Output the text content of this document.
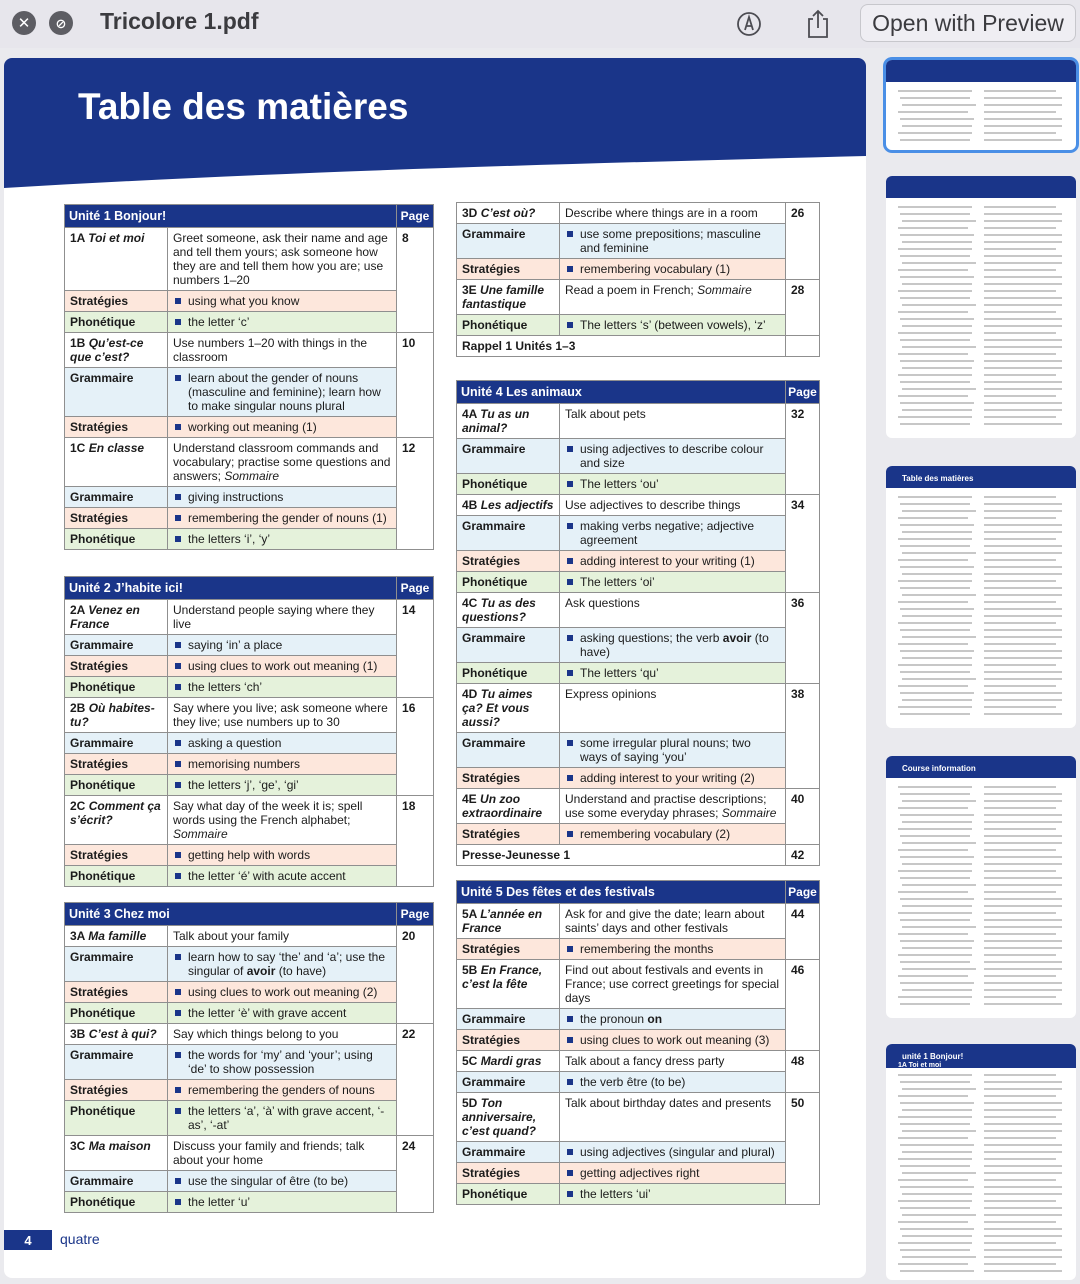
✕	⊘ Tricolore 1.pdf	Open with Preview
Table des matières
Unité 1 Bonjour!		Page
1A Toi et moi	Greet someone, ask their name and age and tell them yours; ask someone how they are and tell them how you are; use numbers 1–20	8
Stratégies	using what you know	

Phonétique	the letter ‘c’	

1B Qu’est-ce que c’est?	Use numbers 1–20 with things in the classroom	10
Grammaire	learn about the gender of nouns (masculine and feminine); learn how to make singular nouns plural	

Stratégies	working out meaning (1)	

1C En classe	Understand classroom commands and vocabulary; practise some questions and answers; Sommaire	12
Grammaire	giving instructions	

Stratégies	remembering the gender of nouns (1)	

Phonétique	the letters ‘i’, ‘y’	
Unité 2 J’habite ici!		Page
2A Venez en France	Understand people saying where they live	14
Grammaire	saying ‘in’ a place	

Stratégies	using clues to work out meaning (1)	

Phonétique	the letters ‘ch’	

2B Où habites-tu?	Say where you live; ask someone where they live; use numbers up to 30	16
Grammaire	asking a question	

Stratégies	memorising numbers	

Phonétique	the letters ‘j’, ‘ge’, ‘gi’	

2C Comment ça s’écrit?	Say what day of the week it is; spell words using the French alphabet; Sommaire	18
Stratégies	getting help with words	

Phonétique	the letter ‘é’ with acute accent	
Unité 3 Chez moi		Page
3A Ma famille	Talk about your family	20
Grammaire	learn how to say ‘the’ and ‘a’; use the singular of avoir (to have)	

Stratégies	using clues to work out meaning (2)	

Phonétique	the letter ‘è’ with grave accent	

3B C’est à qui?	Say which things belong to you	22
Grammaire	the words for ‘my’ and ‘your’; using ‘de’ to show possession	

Stratégies	remembering the genders of nouns	

Phonétique	the letters ‘a’, ‘à’ with grave accent, ‘-as’, ‘-at’	

3C Ma maison	Discuss your family and friends; talk about your home	24
Grammaire	use the singular of être (to be)	

Phonétique	the letter ‘u’	
3D C’est où?	Describe where things are in a room	26
Grammaire	use some prepositions; masculine and feminine	

Stratégies	remembering vocabulary (1)	

3E Une famille fantastique	Read a poem in French; Sommaire	28
Phonétique	The letters ‘s’ (between vowels), ‘z’	

Rappel 1 Unités 1–3		
Unité 4 Les animaux		Page
4A Tu as un animal?	Talk about pets	32
Grammaire	using adjectives to describe colour and size	

Phonétique	The letters ‘ou’	

4B Les adjectifs	Use adjectives to describe things	34
Grammaire	making verbs negative; adjective agreement	

Stratégies	adding interest to your writing (1)	

Phonétique	The letters ‘oi’	

4C Tu as des questions?	Ask questions	36
Grammaire	asking questions; the verb avoir (to have)	

Phonétique	The letters ‘qu’	

4D Tu aimes ça? Et vous aussi?	Express opinions	38
Grammaire	some irregular plural nouns; two ways of saying ‘you’	

Stratégies	adding interest to your writing (2)	

4E Un zoo extraordinaire	Understand and practise descriptions; use some everyday phrases; Sommaire	40
Stratégies	remembering vocabulary (2)	

Presse-Jeunesse 1		42
Unité 5 Des fêtes et des festivals		Page
5A L’année en France	Ask for and give the date; learn about saints’ days and other festivals	44
Stratégies	remembering the months	

5B En France, c’est la fête	Find out about festivals and events in France; use correct greetings for special days	46
Grammaire	the pronoun on	

Stratégies	using clues to work out meaning (3)	

5C Mardi gras	Talk about a fancy dress party	48
Grammaire	the verb être (to be)	

5D Ton anniversaire, c’est quand?	Talk about birthday dates and presents	50
Grammaire	using adjectives (singular and plural)	

Stratégies	getting adjectives right	

Phonétique	the letters ‘ui’	
4	quatre
Table des matières
Course information
unité 1 Bonjour!
1A Toi et moi
